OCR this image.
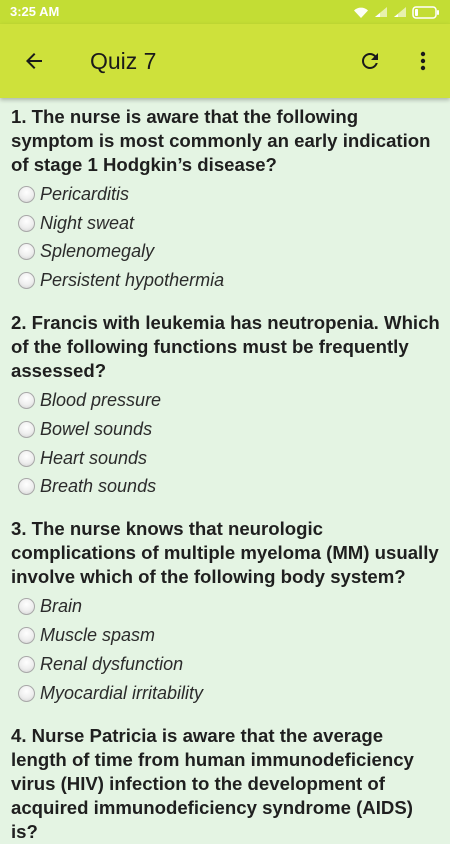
3:25 AM
Quiz 7
1. The nurse is aware that the following symptom is most commonly an early indication of stage 1 Hodgkin’s disease?
Pericarditis
Night sweat
Splenomegaly
Persistent hypothermia
2. Francis with leukemia has neutropenia. Which of the following functions must be frequently assessed?
Blood pressure
Bowel sounds
Heart sounds
Breath sounds
3. The nurse knows that neurologic complications of multiple myeloma (MM) usually involve which of the following body system?
Brain
Muscle spasm
Renal dysfunction
Myocardial irritability
4. Nurse Patricia is aware that the average length of time from human immunodeficiency virus (HIV) infection to the development of acquired immunodeficiency syndrome (AIDS) is?
